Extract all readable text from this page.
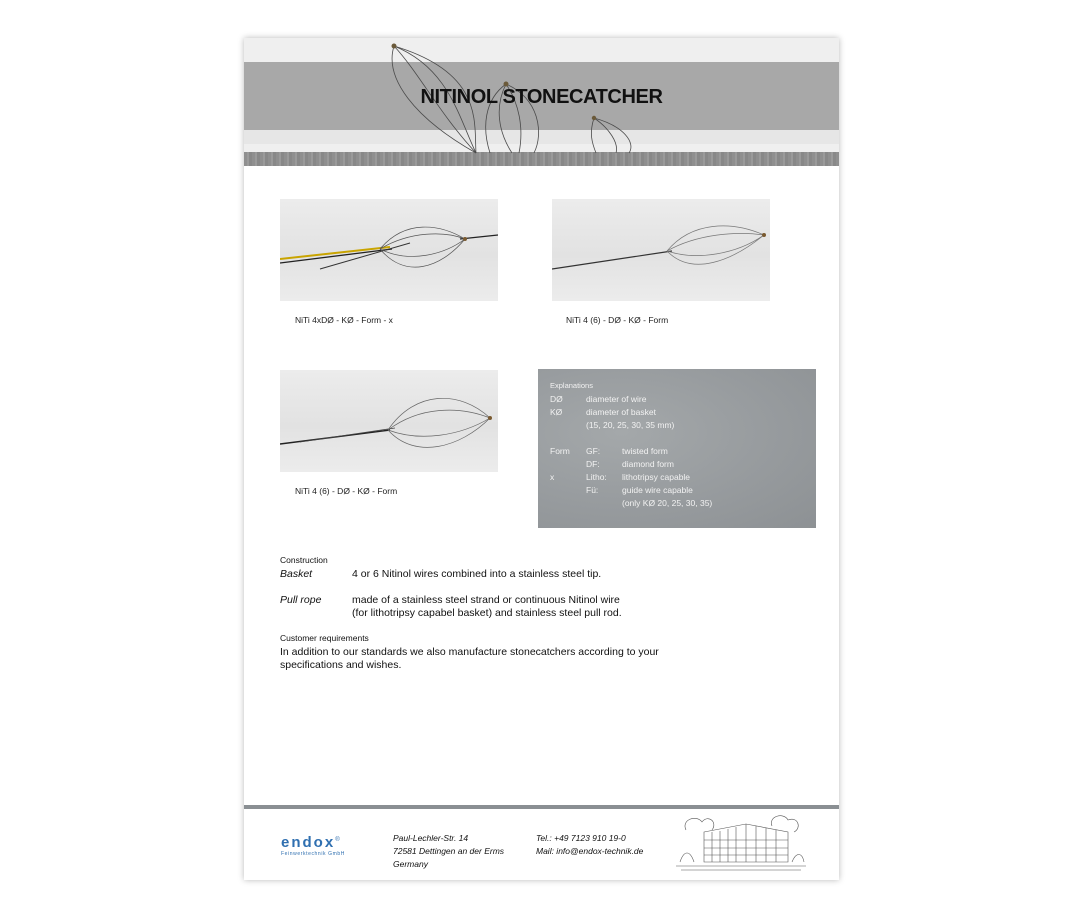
NITINOL STONECATCHER
NiTi 4xDØ - KØ - Form - x	NiTi 4 (6) - DØ - KØ - Form
NiTi 4 (6) - DØ - KØ - Form
Explanations
DØ	diameter of wire
KØ	diameter of basket
(15, 20, 25, 30, 35 mm)
Form GF:	twisted form
DF:	diamond form
x	Litho: lithotripsy capable
Fü:	guide wire capable
(only KØ 20, 25, 30, 35)
Construction
Basket	4 or 6 Nitinol wires combined into a stainless steel tip.
Pull rope	made of a stainless steel strand or continuous Nitinol wire
(for lithotripsy capabel basket) and stainless steel pull rod.
Customer requirements
In addition to our standards we also manufacture stonecatchers according to your
specifications and wishes.
endox®
Feinwerktechnik GmbH
Paul-Lechler-Str. 14
72581 Dettingen an der Erms
Germany
Tel.: +49 7123 910 19-0
Mail: info@endox-technik.de
